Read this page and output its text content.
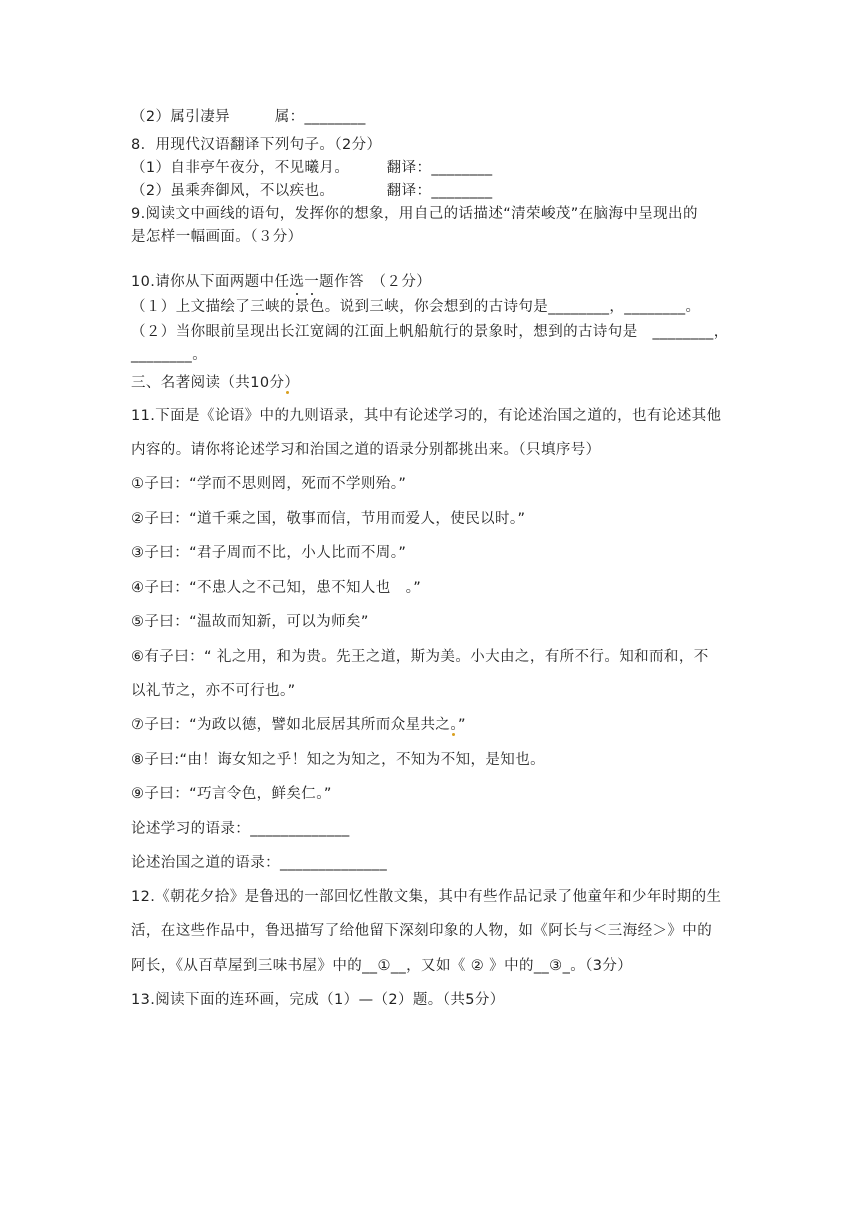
（2）属引凄异　　　属：________
8．用现代汉语翻译下列句子。（2分）
（1）自非亭午夜分，不见曦月。　　　翻译：________
（2）虽乘奔御风，不以疾也。　　　　翻译：________
9.阅读文中画线的语句，发挥你的想象，用自己的话描述“清荣峻茂”在脑海中呈现出的
是怎样一幅画面。（３分）
10.请你从下面两题中任选一题作答　（２分）
（１）上文描绘了三峡的景色。说到三峡，你会想到的古诗句是________，________。
（２）当你眼前呈现出长江宽阔的江面上帆船航行的景象时，想到的古诗句是　________，
________。
三、名著阅读（共10分）
11.下面是《论语》中的九则语录，其中有论述学习的，有论述治国之道的，也有论述其他
内容的。请你将论述学习和治国之道的语录分别都挑出来。（只填序号）
①子曰：“学而不思则罔，死而不学则殆。”
②子曰：“道千乘之国，敬事而信，节用而爱人，使民以时。”
③子曰：“君子周而不比，小人比而不周。”
④子曰：“不患人之不己知，患不知人也　。”
⑤子曰：“温故而知新，可以为师矣”
⑥有子曰：“ 礼之用，和为贵。先王之道，斯为美。小大由之，有所不行。知和而和，不
以礼节之，亦不可行也。”
⑦子曰：“为政以德，譬如北辰居其所而众星共之。”
⑧子曰:“由！诲女知之乎！知之为知之，不知为不知，是知也。
⑨子曰：“巧言令色，鲜矣仁。”
论述学习的语录：_____________
论述治国之道的语录：______________
12.《朝花夕拾》是鲁迅的一部回忆性散文集，其中有些作品记录了他童年和少年时期的生
活，在这些作品中，鲁迅描写了给他留下深刻印象的人物，如《阿长与＜三海经＞》中的
阿长，《从百草屋到三味书屋》中的__①__，又如《 ② 》中的__③_。（3分）
13.阅读下面的连环画，完成（1）—（2）题。（共5分）
